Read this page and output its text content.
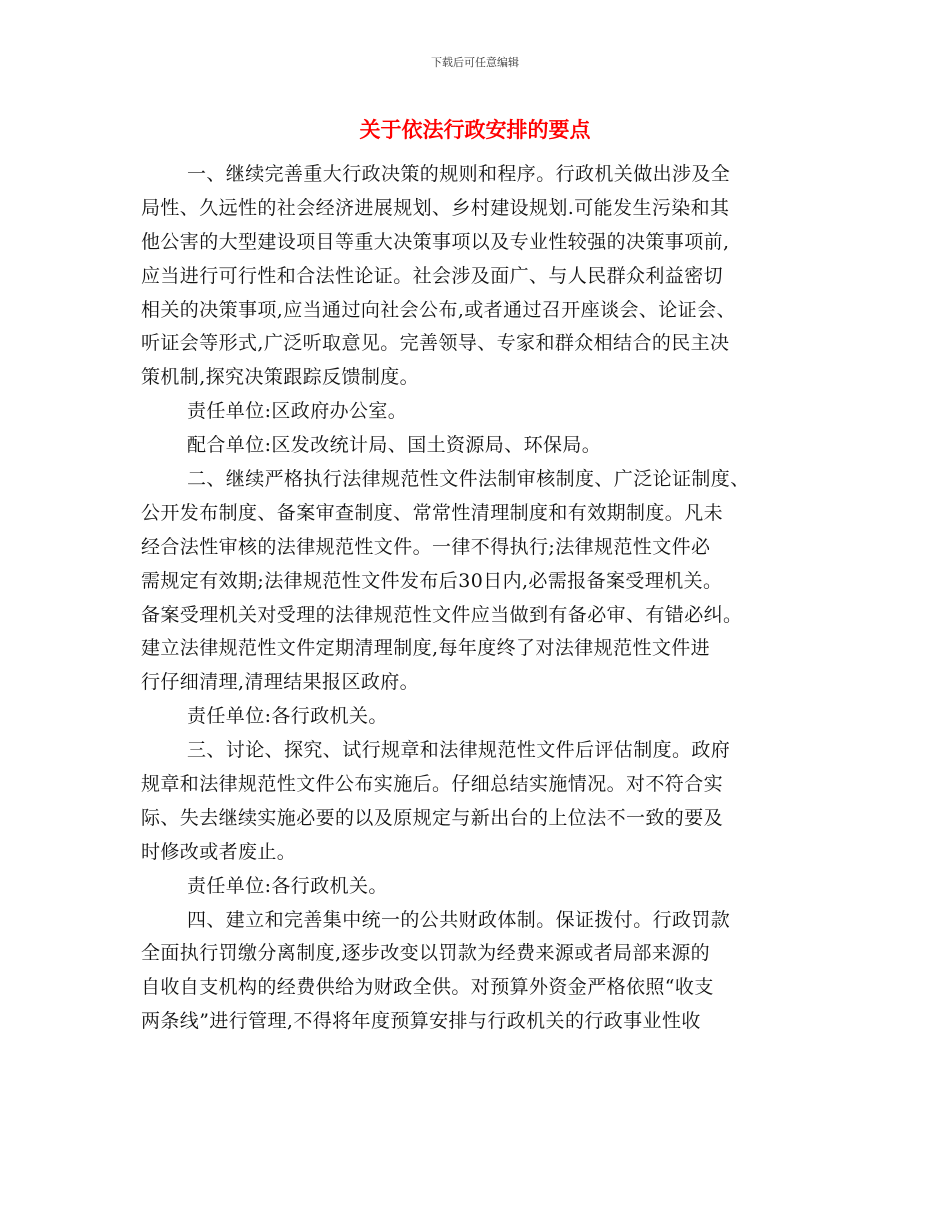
下载后可任意编辑
关于依法行政安排的要点
一、继续完善重大行政决策的规则和程序。行政机关做出涉及全
局性、久远性的社会经济进展规划、乡村建设规划.可能发生污染和其
他公害的大型建设项目等重大决策事项以及专业性较强的决策事项前,
应当进行可行性和合法性论证。社会涉及面广、与人民群众利益密切
相关的决策事项,应当通过向社会公布,或者通过召开座谈会、论证会、
听证会等形式,广泛听取意见。完善领导、专家和群众相结合的民主决
策机制,探究决策跟踪反馈制度。
责任单位:区政府办公室。
配合单位:区发改统计局、国土资源局、环保局。
二、继续严格执行法律规范性文件法制审核制度、广泛论证制度、
公开发布制度、备案审查制度、常常性清理制度和有效期制度。凡未
经合法性审核的法律规范性文件。一律不得执行;法律规范性文件必
需规定有效期;法律规范性文件发布后30日内,必需报备案受理机关。
备案受理机关对受理的法律规范性文件应当做到有备必审、有错必纠。
建立法律规范性文件定期清理制度,每年度终了对法律规范性文件进
行仔细清理,清理结果报区政府。
责任单位:各行政机关。
三、讨论、探究、试行规章和法律规范性文件后评估制度。政府
规章和法律规范性文件公布实施后。仔细总结实施情况。对不符合实
际、失去继续实施必要的以及原规定与新出台的上位法不一致的要及
时修改或者废止。
责任单位:各行政机关。
四、建立和完善集中统一的公共财政体制。保证拨付。行政罚款
全面执行罚缴分离制度,逐步改变以罚款为经费来源或者局部来源的
自收自支机构的经费供给为财政全供。对预算外资金严格依照“收支
两条线”进行管理,不得将年度预算安排与行政机关的行政事业性收
